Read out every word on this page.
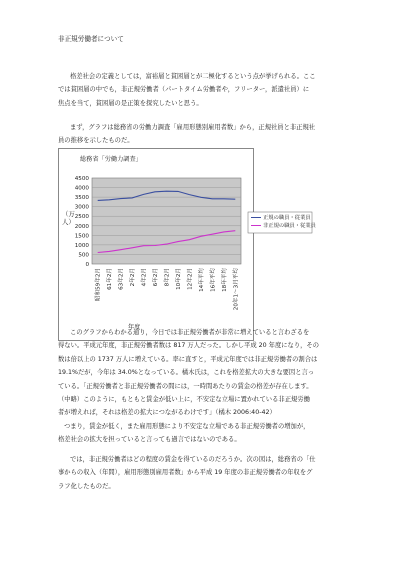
非正規労働者について
格差社会の定義としては，富裕層と貧困層とが二極化するという点が挙げられる。ここ
では貧困層の中でも，非正規労働者（パートタイム労働者や，フリーター，派遣社員）に
焦点を当て，貧困層の是正策を探究したいと思う。
まず，グラフは総務省の労働力調査「雇用形態別雇用者数」から，正規社員と非正規社
員の推移を示したものだ。
総務省「労働力調査」
（万人）
年度
0
500
1000
1500
2000
2500
3000
3500
4000
4500
昭和59年2月 61年2月 63年2月 2年2月 4年2月 6年2月 8年2月 10年2月 12年2月 14年平均 16年平均 18年平均 20年1～3月平均
正規の職員・従業員
非正規の職員・従業員
このグラフからわかる通り，今日では非正規労働者が非常に増えていると言わざるを
得ない。平成元年度，非正規労働者数は 817 万人だった。しかし平成 20 年度になり，その
数は倍以上の 1737 万人に増えている。率に直すと，平成元年度では非正規労働者の割合は
19.1%だが，今年は 34.0%となっている。橘木氏は，これを格差拡大の大きな要因と言っ
ている。「正規労働者と非正規労働者の間には，一時間あたりの賃金の格差が存在します。
（中略）このように，もともと賃金が低い上に，不安定な立場に置かれている非正規労働
者が増えれば，それは格差の拡大につながるわけです」（橘木 2006:40-42）
つまり，賃金が低く，また雇用形態により不安定な立場である非正規労働者の増加が，
格差社会の拡大を担っていると言っても過言ではないのである。
では，非正規労働者はどの程度の賃金を得ているのだろうか。次の図は，総務省の「仕
事からの収入（年間），雇用形態別雇用者数」から平成 19 年度の非正規労働者の年収をグ
ラフ化したものだ。
